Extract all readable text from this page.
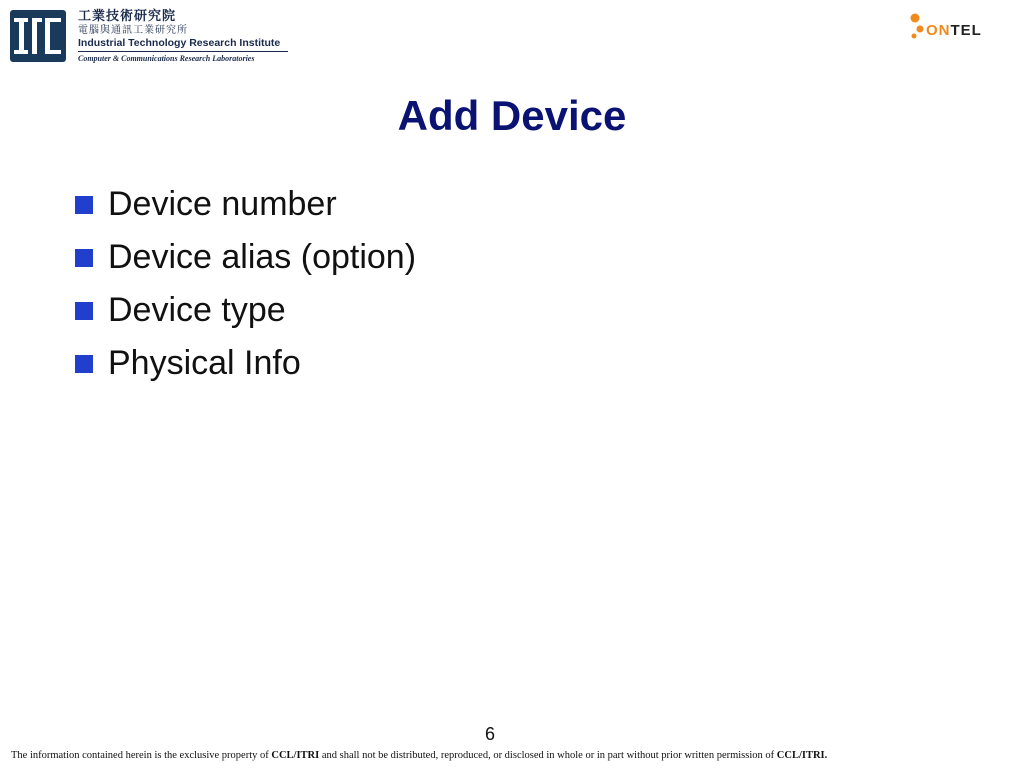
工業技術研究院
電腦與通訊工業研究所
Industrial Technology Research Institute
Computer & Communications Research Laboratories
ONTEL
Add Device
Device number
Device alias (option)
Device type
Physical Info
6
The information contained herein is the exclusive property of CCL/ITRI and shall not be distributed, reproduced, or disclosed in whole or in part without prior written permission of CCL/ITRI.
